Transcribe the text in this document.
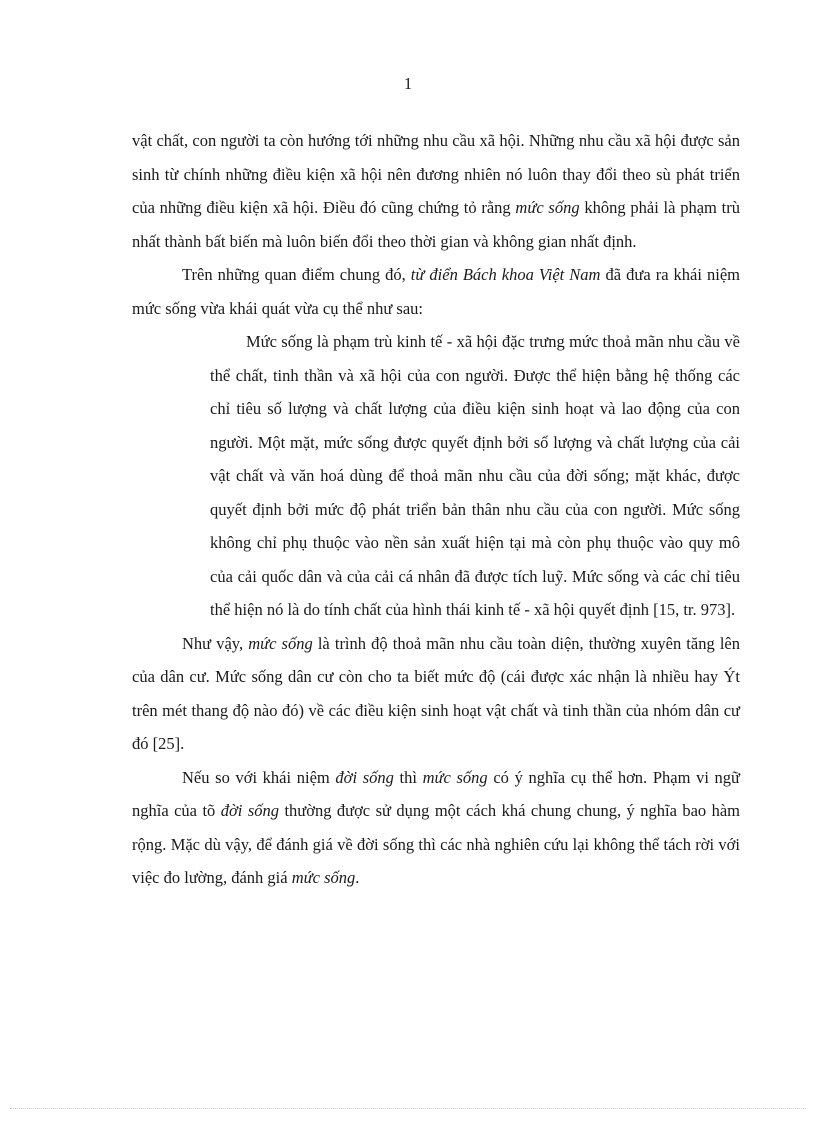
1

vật chất, con người ta còn hướng tới những nhu cầu xã hội. Những nhu cầu xã hội được sản sinh từ chính những điều kiện xã hội nên đương nhiên nó luôn thay đổi theo sù phát triển của những điều kiện xã hội. Điều đó cũng chứng tỏ rằng mức sống không phải là phạm trù nhất thành bất biến mà luôn biến đổi theo thời gian và không gian nhất định.

Trên những quan điểm chung đó, từ điển Bách khoa Việt Nam đã đưa ra khái niệm mức sống vừa khái quát vừa cụ thể như sau:

Mức sống là phạm trù kinh tế - xã hội đặc trưng mức thoả mãn nhu cầu về thể chất, tinh thần và xã hội của con người. Được thể hiện bằng hệ thống các chỉ tiêu số lượng và chất lượng của điều kiện sinh hoạt và lao động của con người. Một mặt, mức sống được quyết định bởi số lượng và chất lượng của cải vật chất và văn hoá dùng để thoả mãn nhu cầu của đời sống; mặt khác, được quyết định bởi mức độ phát triển bản thân nhu cầu của con người. Mức sống không chỉ phụ thuộc vào nền sản xuất hiện tại mà còn phụ thuộc vào quy mô của cải quốc dân và của cải cá nhân đã được tích luỹ. Mức sống và các chỉ tiêu thể hiện nó là do tính chất của hình thái kinh tế - xã hội quyết định [15, tr. 973].

Như vậy, mức sống là trình độ thoả mãn nhu cầu toàn diện, thường xuyên tăng lên của dân cư. Mức sống dân cư còn cho ta biết mức độ (cái được xác nhận là nhiều hay Ýt trên mét thang độ nào đó) về các điều kiện sinh hoạt vật chất và tinh thần của nhóm dân cư đó [25].

Nếu so với khái niệm đời sống thì mức sống có ý nghĩa cụ thể hơn. Phạm vi ngữ nghĩa của tõ đời sống thường được sử dụng một cách khá chung chung, ý nghĩa bao hàm rộng. Mặc dù vậy, để đánh giá về đời sống thì các nhà nghiên cứu lại không thể tách rời với việc đo lường, đánh giá mức sống.
